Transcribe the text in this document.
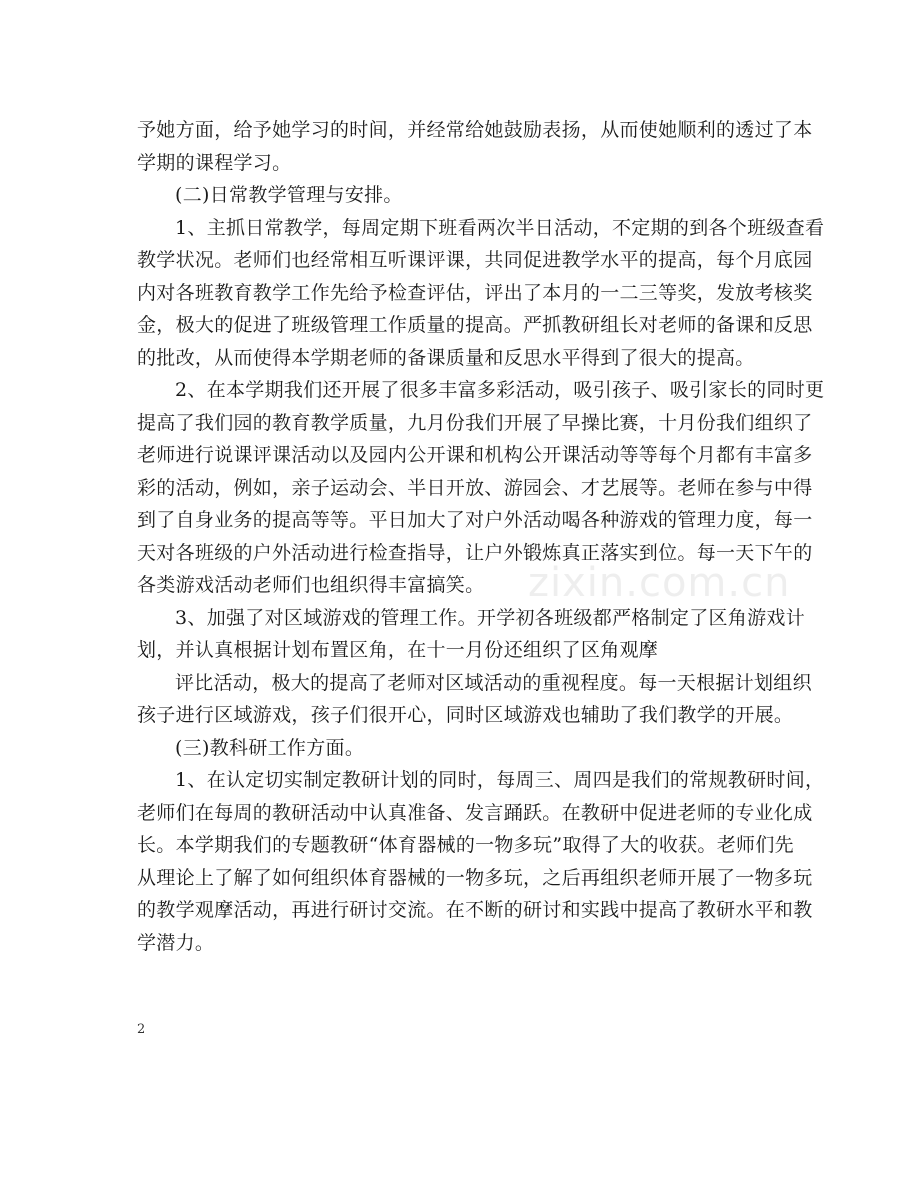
予她方面，给予她学习的时间，并经常给她鼓励表扬，从而使她顺利的透过了本
学期的课程学习。
(二)日常教学管理与安排。
1、主抓日常教学，每周定期下班看两次半日活动，不定期的到各个班级查看
教学状况。老师们也经常相互听课评课，共同促进教学水平的提高，每个月底园
内对各班教育教学工作先给予检查评估，评出了本月的一二三等奖，发放考核奖
金，极大的促进了班级管理工作质量的提高。严抓教研组长对老师的备课和反思
的批改，从而使得本学期老师的备课质量和反思水平得到了很大的提高。
2、在本学期我们还开展了很多丰富多彩活动，吸引孩子、吸引家长的同时更
提高了我们园的教育教学质量，九月份我们开展了早操比赛，十月份我们组织了
老师进行说课评课活动以及园内公开课和机构公开课活动等等每个月都有丰富多
彩的活动，例如，亲子运动会、半日开放、游园会、才艺展等。老师在参与中得
到了自身业务的提高等等。平日加大了对户外活动喝各种游戏的管理力度，每一
天对各班级的户外活动进行检查指导，让户外锻炼真正落实到位。每一天下午的
各类游戏活动老师们也组织得丰富搞笑。
3、加强了对区域游戏的管理工作。开学初各班级都严格制定了区角游戏计
划，并认真根据计划布置区角，在十一月份还组织了区角观摩
评比活动，极大的提高了老师对区域活动的重视程度。每一天根据计划组织
孩子进行区域游戏，孩子们很开心，同时区域游戏也辅助了我们教学的开展。
(三)教科研工作方面。
1、在认定切实制定教研计划的同时，每周三、周四是我们的常规教研时间，
老师们在每周的教研活动中认真准备、发言踊跃。在教研中促进老师的专业化成
长。本学期我们的专题教研“体育器械的一物多玩”取得了大的收获。老师们先
从理论上了解了如何组织体育器械的一物多玩，之后再组织老师开展了一物多玩
的教学观摩活动，再进行研讨交流。在不断的研讨和实践中提高了教研水平和教
学潜力。
zixin.com.cn
2
